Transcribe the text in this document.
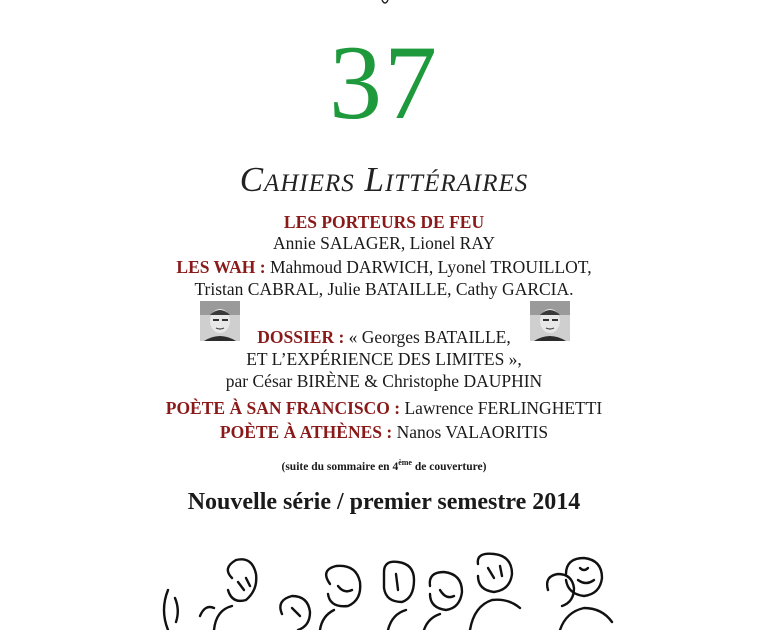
37
Cahiers Littéraires
LES PORTEURS DE FEU
Annie SALAGER, Lionel RAY
LES WAH : Mahmoud DARWICH, Lyonel TROUILLOT,
Tristan CABRAL, Julie BATAILLE, Cathy GARCIA.
DOSSIER : « Georges BATAILLE,
ET L’EXPÉRIENCE DES LIMITES »,
par César BIRÈNE & Christophe DAUPHIN
POÈTE À SAN FRANCISCO : Lawrence FERLINGHETTI
POÈTE À ATHÈNES : Nanos VALAORITIS
(suite du sommaire en 4ème de couverture)
Nouvelle série / premier semestre 2014
